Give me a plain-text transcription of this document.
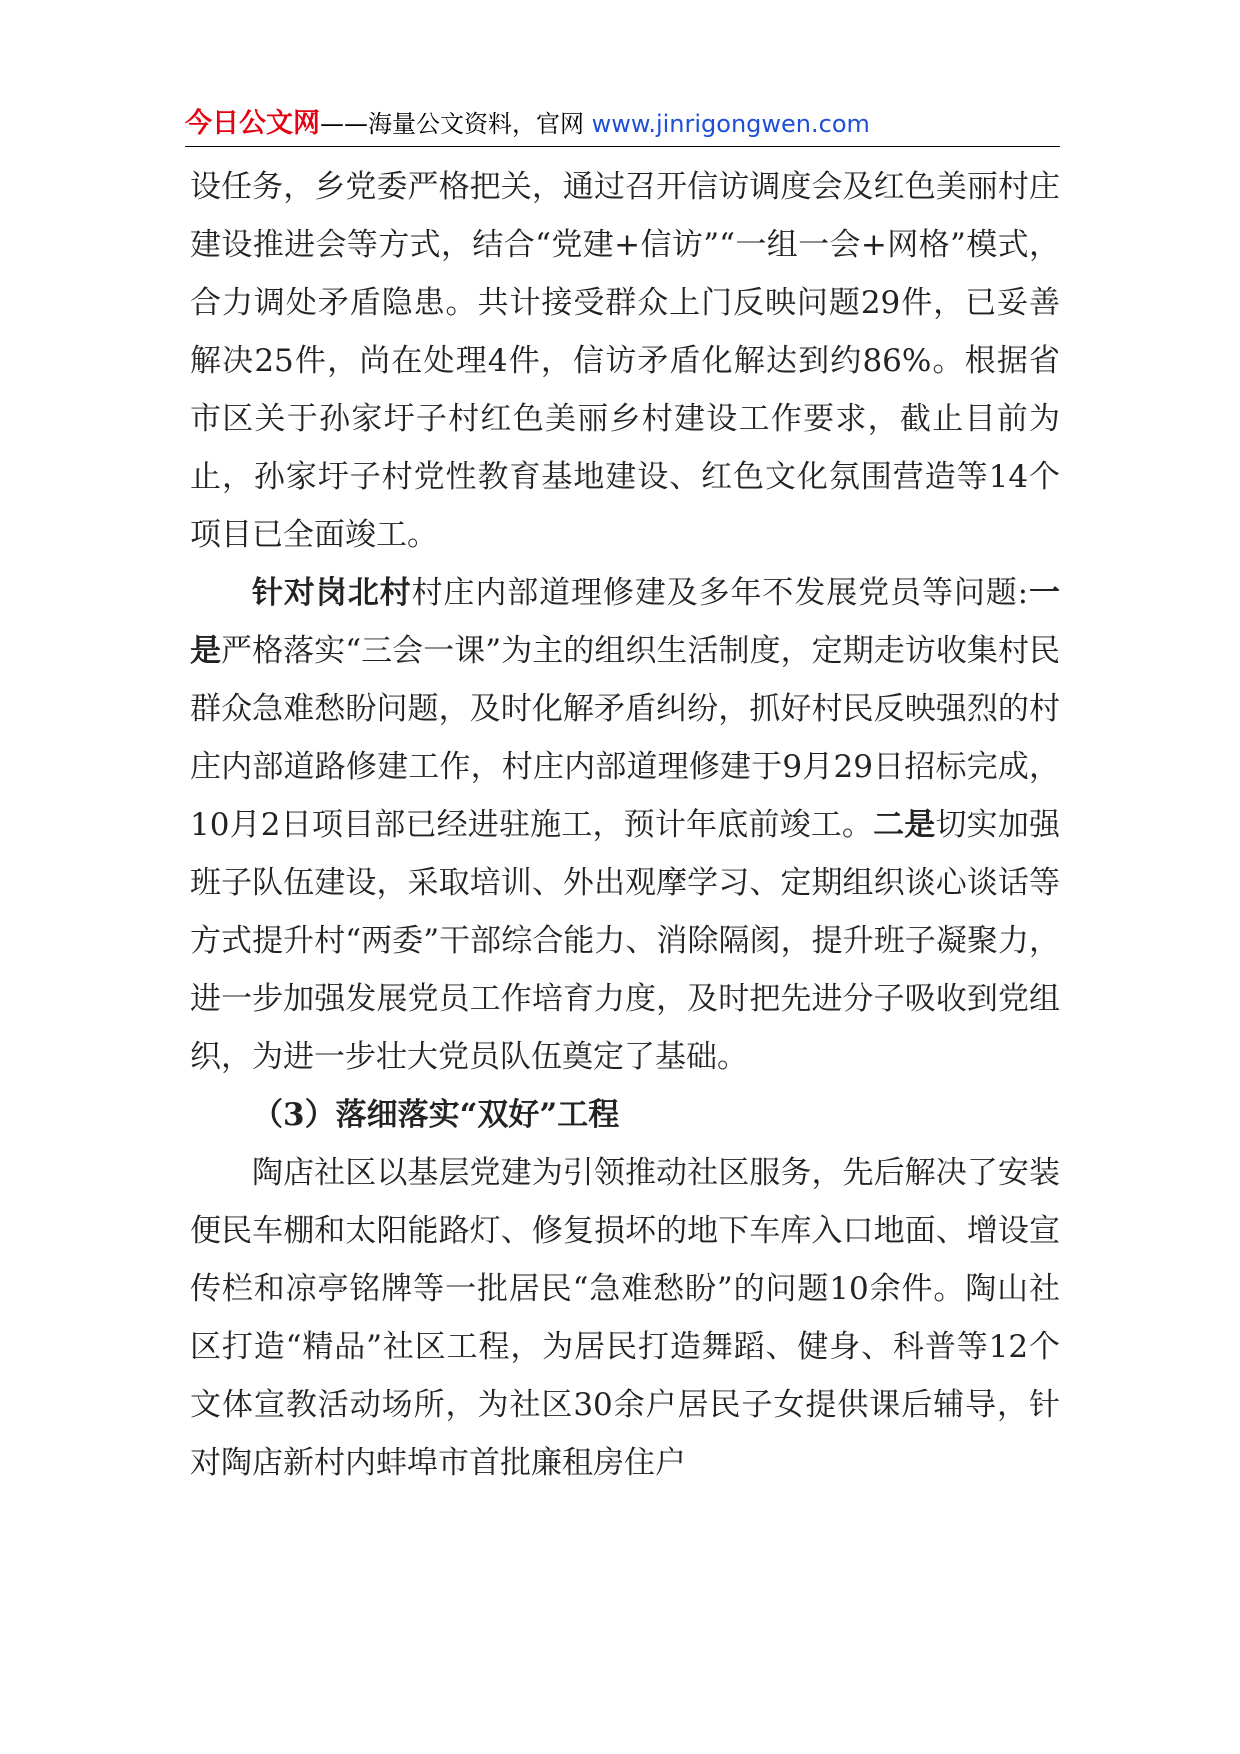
今日公文网——海量公文资料，官网 www.jinrigongwen.com

设任务，乡党委严格把关，通过召开信访调度会及红色美丽村庄建设推进会等方式，结合“党建+信访”“一组一会+网格”模式，合力调处矛盾隐患。共计接受群众上门反映问题29件，已妥善解决25件，尚在处理4件，信访矛盾化解达到约86%。根据省市区关于孙家圩子村红色美丽乡村建设工作要求，截止目前为止，孙家圩子村党性教育基地建设、红色文化氛围营造等14个项目已全面竣工。

针对岗北村村庄内部道理修建及多年不发展党员等问题:一是严格落实“三会一课”为主的组织生活制度，定期走访收集村民群众急难愁盼问题，及时化解矛盾纠纷，抓好村民反映强烈的村庄内部道路修建工作，村庄内部道理修建于9月29日招标完成，10月2日项目部已经进驻施工，预计年底前竣工。二是切实加强班子队伍建设，采取培训、外出观摩学习、定期组织谈心谈话等方式提升村“两委”干部综合能力、消除隔阂，提升班子凝聚力，进一步加强发展党员工作培育力度，及时把先进分子吸收到党组织，为进一步壮大党员队伍奠定了基础。

（3）落细落实“双好”工程

陶店社区以基层党建为引领推动社区服务，先后解决了安装便民车棚和太阳能路灯、修复损坏的地下车库入口地面、增设宣传栏和凉亭铭牌等一批居民“急难愁盼”的问题10余件。陶山社区打造“精品”社区工程，为居民打造舞蹈、健身、科普等12个文体宣教活动场所，为社区30余户居民子女提供课后辅导，针对陶店新村内蚌埠市首批廉租房住户
